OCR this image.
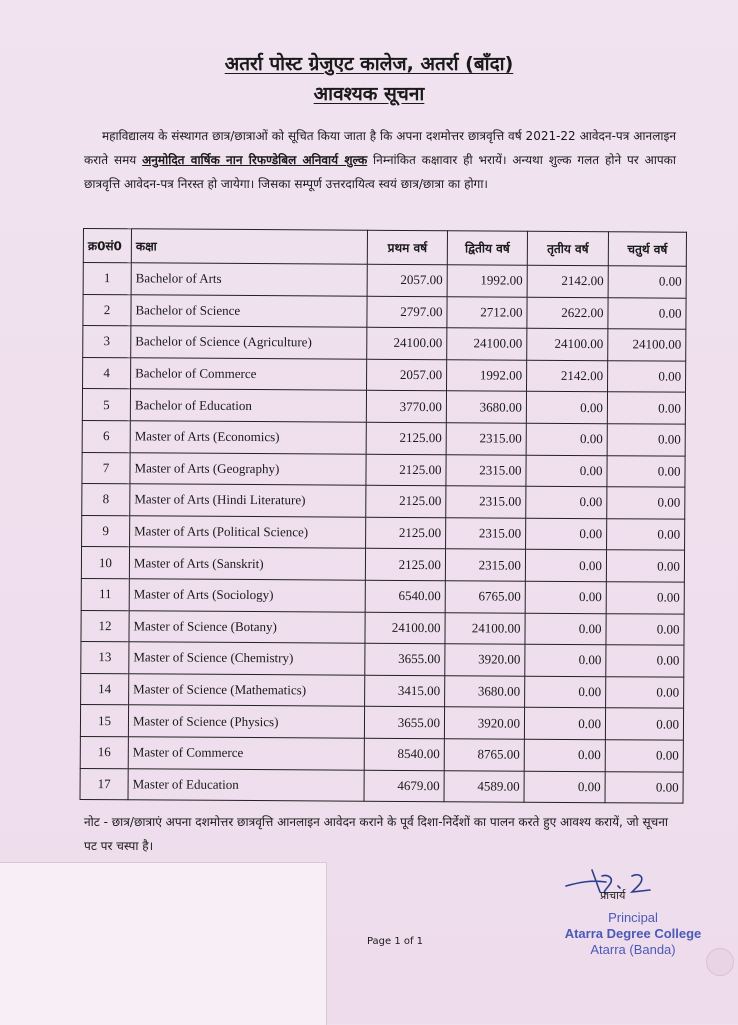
अतर्रा पोस्ट ग्रेजुएट कालेज, अतर्रा (बाँदा)
आवश्यक सूचना
महाविद्यालय के संस्थागत छात्र/छात्राओं को सूचित किया जाता है कि अपना दशमोत्तर छात्रवृत्ति वर्ष 2021-22 आवेदन-पत्र आनलाइन कराते समय अनुमोदित वार्षिक नान रिफण्डेबिल अनिवार्य शुल्क निम्नांकित कक्षावार ही भरायें। अन्यथा शुल्क गलत होने पर आपका छात्रवृत्ति आवेदन-पत्र निरस्त हो जायेगा। जिसका सम्पूर्ण उत्तरदायित्व स्वयं छात्र/छात्रा का होगा।
क्र0सं0	कक्षा	प्रथम वर्ष	द्वितीय वर्ष	तृतीय वर्ष	चतुर्थ वर्ष
1	Bachelor of Arts	2057.00	1992.00	2142.00	0.00
2	Bachelor of Science	2797.00	2712.00	2622.00	0.00
3	Bachelor of Science (Agriculture)	24100.00	24100.00	24100.00	24100.00
4	Bachelor of Commerce	2057.00	1992.00	2142.00	0.00
5	Bachelor of Education	3770.00	3680.00	0.00	0.00
6	Master of Arts (Economics)	2125.00	2315.00	0.00	0.00
7	Master of Arts (Geography)	2125.00	2315.00	0.00	0.00
8	Master of Arts (Hindi Literature)	2125.00	2315.00	0.00	0.00
9	Master of Arts (Political Science)	2125.00	2315.00	0.00	0.00
10	Master of Arts (Sanskrit)	2125.00	2315.00	0.00	0.00
11	Master of Arts (Sociology)	6540.00	6765.00	0.00	0.00
12	Master of Science (Botany)	24100.00	24100.00	0.00	0.00
13	Master of Science (Chemistry)	3655.00	3920.00	0.00	0.00
14	Master of Science (Mathematics)	3415.00	3680.00	0.00	0.00
15	Master of Science (Physics)	3655.00	3920.00	0.00	0.00
16	Master of Commerce	8540.00	8765.00	0.00	0.00
17	Master of Education	4679.00	4589.00	0.00	0.00
नोट - छात्र/छात्राएं अपना दशमोत्तर छात्रवृत्ति आनलाइन आवेदन कराने के पूर्व दिशा-निर्देशों का पालन करते हुए आवश्य करायें, जो सूचना पट पर चस्पा है।
प्राचार्य
Principal
Atarra Degree College
Atarra (Banda)
Page 1 of 1
